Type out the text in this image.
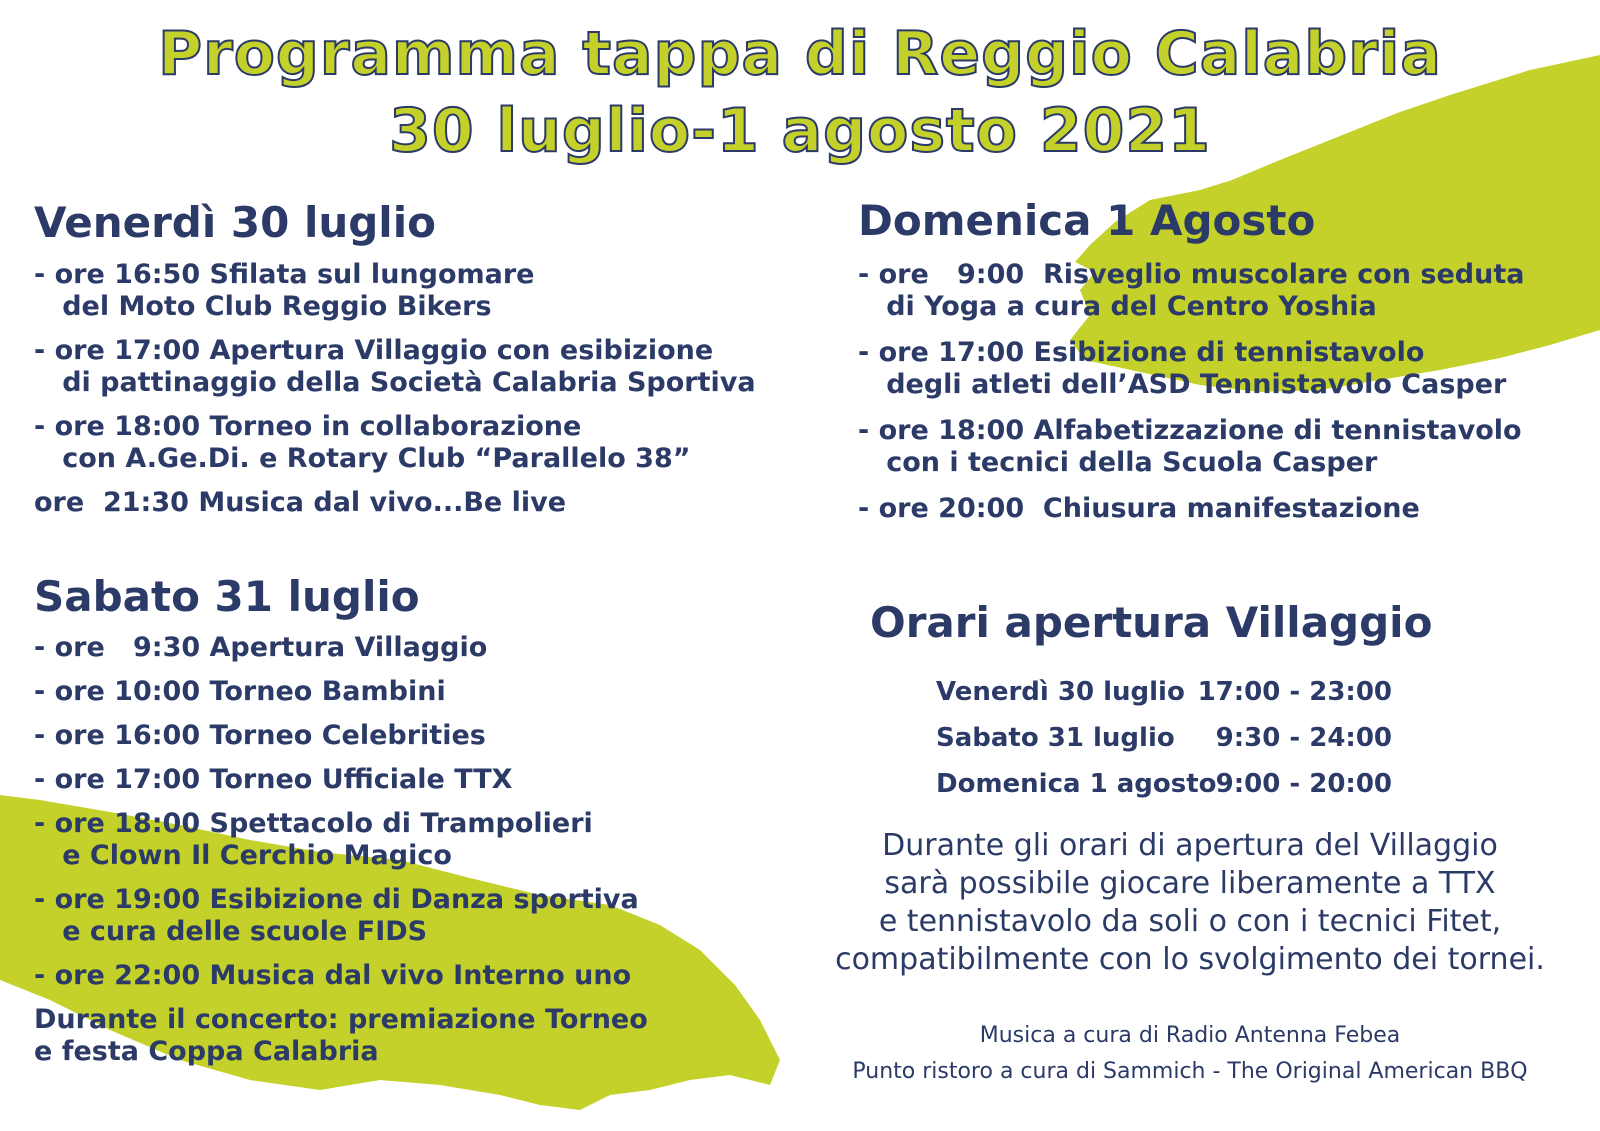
Programma tappa di Reggio Calabria
30 luglio-1 agosto 2021
Venerdì 30 luglio
- ore 16:50 Sfilata sul lungomare
del Moto Club Reggio Bikers
- ore 17:00 Apertura Villaggio con esibizione
di pattinaggio della Società Calabria Sportiva
- ore 18:00 Torneo in collaborazione
con A.Ge.Di. e Rotary Club “Parallelo 38”
ore  21:30 Musica dal vivo...Be live
Sabato 31 luglio
- ore   9:30 Apertura Villaggio
- ore 10:00 Torneo Bambini
- ore 16:00 Torneo Celebrities
- ore 17:00 Torneo Ufficiale TTX
- ore 18:00 Spettacolo di Trampolieri
e Clown Il Cerchio Magico
- ore 19:00 Esibizione di Danza sportiva
e cura delle scuole FIDS
- ore 22:00 Musica dal vivo Interno uno
Durante il concerto: premiazione Torneo
e festa Coppa Calabria
Domenica 1 Agosto
- ore   9:00  Risveglio muscolare con seduta
di Yoga a cura del Centro Yoshia
- ore 17:00 Esibizione di tennistavolo
degli atleti dell’ASD Tennistavolo Casper
- ore 18:00 Alfabetizzazione di tennistavolo
con i tecnici della Scuola Casper
- ore 20:00  Chiusura manifestazione
Orari apertura Villaggio
Venerdì 30 luglio 17:00 - 23:00
Sabato 31 luglio 9:30 - 24:00
Domenica 1 agosto 9:00 - 20:00

Durante gli orari di apertura del Villaggio
sarà possibile giocare liberamente a TTX
e tennistavolo da soli o con i tecnici Fitet,
compatibilmente con lo svolgimento dei tornei.

Musica a cura di Radio Antenna Febea
Punto ristoro a cura di Sammich - The Original American BBQ
